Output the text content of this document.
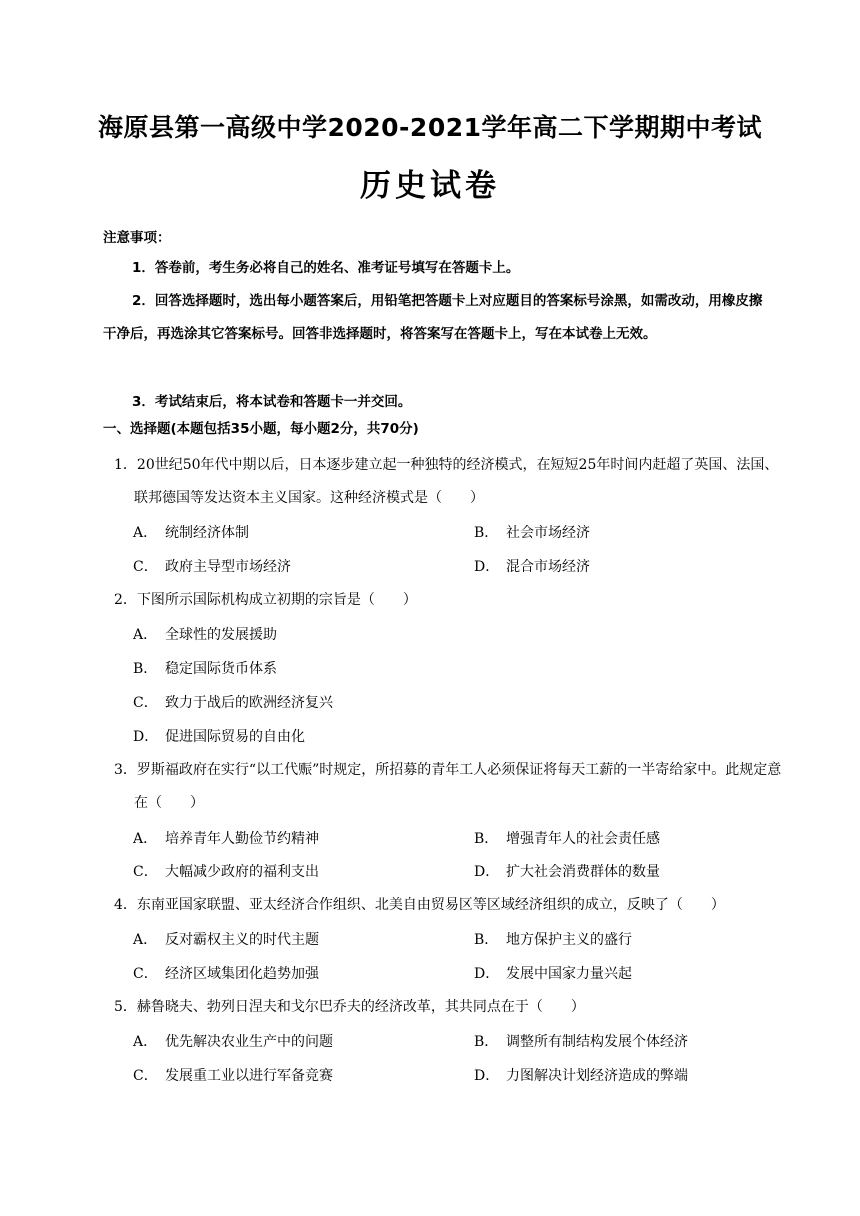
海原县第一高级中学2020-2021学年高二下学期期中考试
历史试卷
注意事项：

1．答卷前，考生务必将自己的姓名、准考证号填写在答题卡上。

2．回答选择题时，选出每小题答案后，用铅笔把答题卡上对应题目的答案标号涂黑，如需改动，用橡皮擦干净后，再选涂其它答案标号。回答非选择题时，将答案写在答题卡上，写在本试卷上无效。

3．考试结束后，将本试卷和答题卡一并交回。

一、选择题(本题包括35小题，每小题2分，共70分)

1．20世纪50年代中期以后，日本逐步建立起一种独特的经济模式，在短短25年时间内赶超了英国、法国、联邦德国等发达资本主义国家。这种经济模式是（　　）

A． 统制经济体制	B． 社会市场经济
C． 政府主导型市场经济	D． 混合市场经济

2．下图所示国际机构成立初期的宗旨是（　　）

A． 全球性的发展援助
B． 稳定国际货币体系
C． 致力于战后的欧洲经济复兴
D． 促进国际贸易的自由化

3．罗斯福政府在实行“以工代赈”时规定，所招募的青年工人必须保证将每天工薪的一半寄给家中。此规定意在（　　）

A． 培养青年人勤俭节约精神	B． 增强青年人的社会责任感
C． 大幅减少政府的福利支出	D． 扩大社会消费群体的数量

4．东南亚国家联盟、亚太经济合作组织、北美自由贸易区等区域经济组织的成立，反映了（　　）

A． 反对霸权主义的时代主题	B． 地方保护主义的盛行
C． 经济区域集团化趋势加强	D． 发展中国家力量兴起

5．赫鲁晓夫、勃列日涅夫和戈尔巴乔夫的经济改革，其共同点在于（　　）

A． 优先解决农业生产中的问题	B． 调整所有制结构发展个体经济
C． 发展重工业以进行军备竞赛	D． 力图解决计划经济造成的弊端
